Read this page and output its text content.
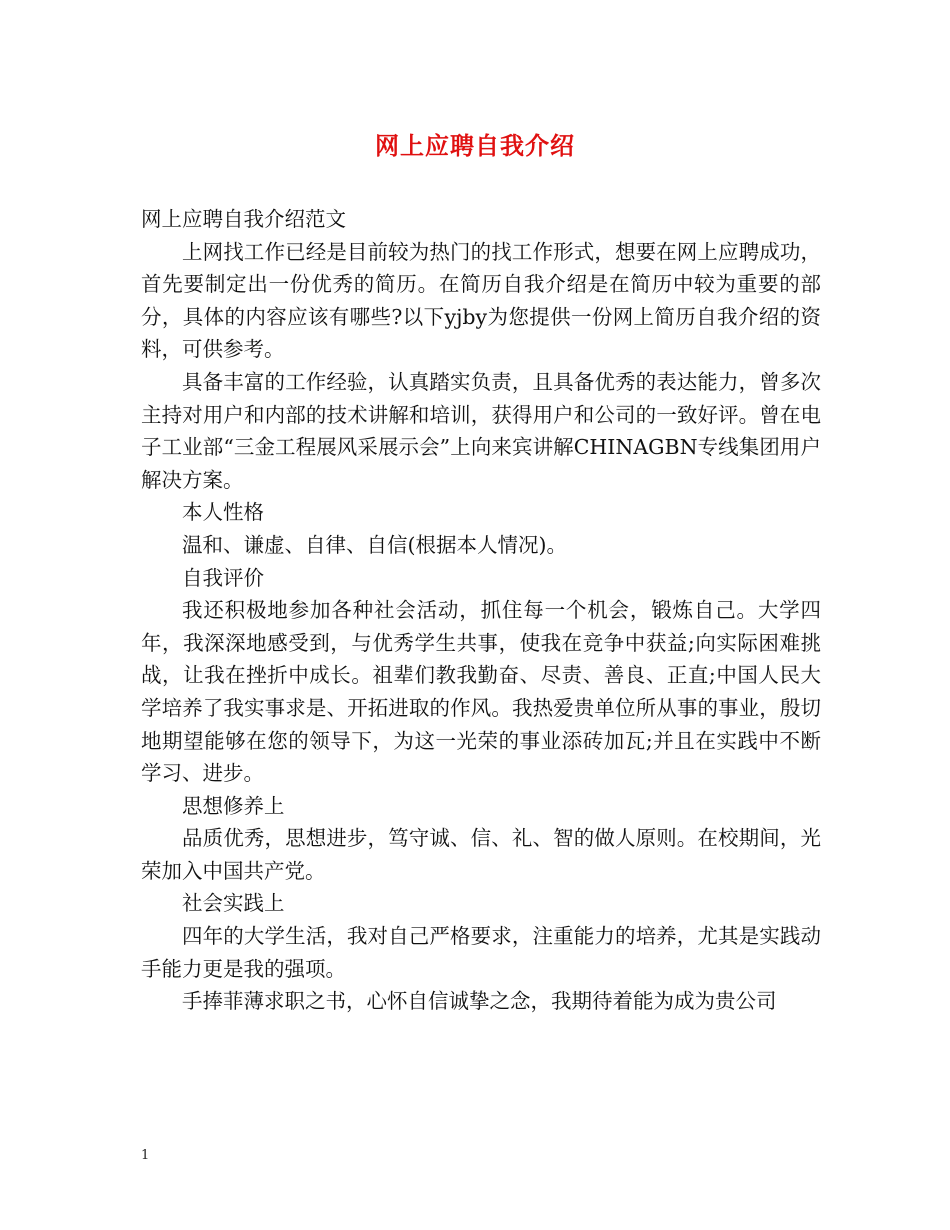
网上应聘自我介绍

网上应聘自我介绍范文

上网找工作已经是目前较为热门的找工作形式，想要在网上应聘成功，首先要制定出一份优秀的简历。在简历自我介绍是在简历中较为重要的部分，具体的内容应该有哪些?以下yjby为您提供一份网上简历自我介绍的资料，可供参考。

具备丰富的工作经验，认真踏实负责，且具备优秀的表达能力，曾多次主持对用户和内部的技术讲解和培训，获得用户和公司的一致好评。曾在电子工业部“三金工程展风采展示会”上向来宾讲解CHINAGBN专线集团用户解决方案。

本人性格

温和、谦虚、自律、自信(根据本人情况)。

自我评价

我还积极地参加各种社会活动，抓住每一个机会，锻炼自己。大学四年，我深深地感受到，与优秀学生共事，使我在竞争中获益;向实际困难挑战，让我在挫折中成长。祖辈们教我勤奋、尽责、善良、正直;中国人民大学培养了我实事求是、开拓进取的作风。我热爱贵单位所从事的事业，殷切地期望能够在您的领导下，为这一光荣的事业添砖加瓦;并且在实践中不断学习、进步。

思想修养上

品质优秀，思想进步，笃守诚、信、礼、智的做人原则。在校期间，光荣加入中国共产党。

社会实践上

四年的大学生活，我对自己严格要求，注重能力的培养，尤其是实践动手能力更是我的强项。

手捧菲薄求职之书，心怀自信诚挚之念，我期待着能为成为贵公司

1
